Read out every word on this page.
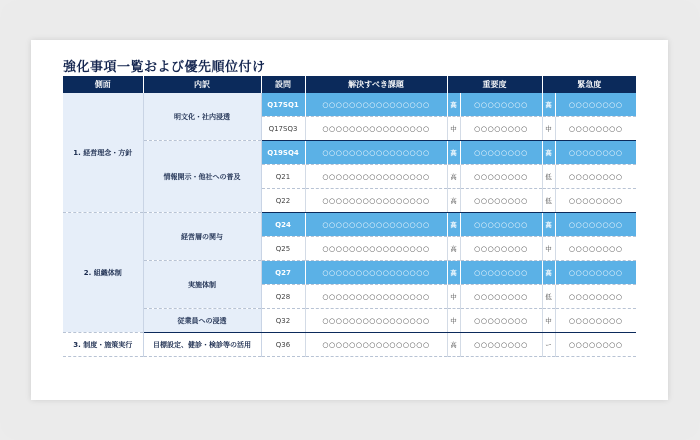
強化事項一覧および優先順位付け
側面	内訳	設問	解決すべき課題	重要度		緊急度	
1. 経営理念・方針	明文化・社内浸透	Q17SQ1	○○○○○○○○○○○○○○○○	高	○○○○○○○○	高	○○○○○○○○
		Q17SQ3	○○○○○○○○○○○○○○○○	中	○○○○○○○○	中	○○○○○○○○
	情報開示・他社への普及	Q19SQ4	○○○○○○○○○○○○○○○○	高	○○○○○○○○	高	○○○○○○○○
		Q21	○○○○○○○○○○○○○○○○	高	○○○○○○○○	低	○○○○○○○○
		Q22	○○○○○○○○○○○○○○○○	高	○○○○○○○○	低	○○○○○○○○
2. 組織体制	経営層の関与	Q24	○○○○○○○○○○○○○○○○	高	○○○○○○○○	高	○○○○○○○○
		Q25	○○○○○○○○○○○○○○○○	高	○○○○○○○○	中	○○○○○○○○
	実施体制	Q27	○○○○○○○○○○○○○○○○	高	○○○○○○○○	高	○○○○○○○○
		Q28	○○○○○○○○○○○○○○○○	中	○○○○○○○○	低	○○○○○○○○
	従業員への浸透	Q32	○○○○○○○○○○○○○○○○	中	○○○○○○○○	中	○○○○○○○○
3. 制度・施策実行	目標設定、健診・検診等の活用	Q36	○○○○○○○○○○○○○○○○	高	○○○○○○○○	ー	○○○○○○○○
